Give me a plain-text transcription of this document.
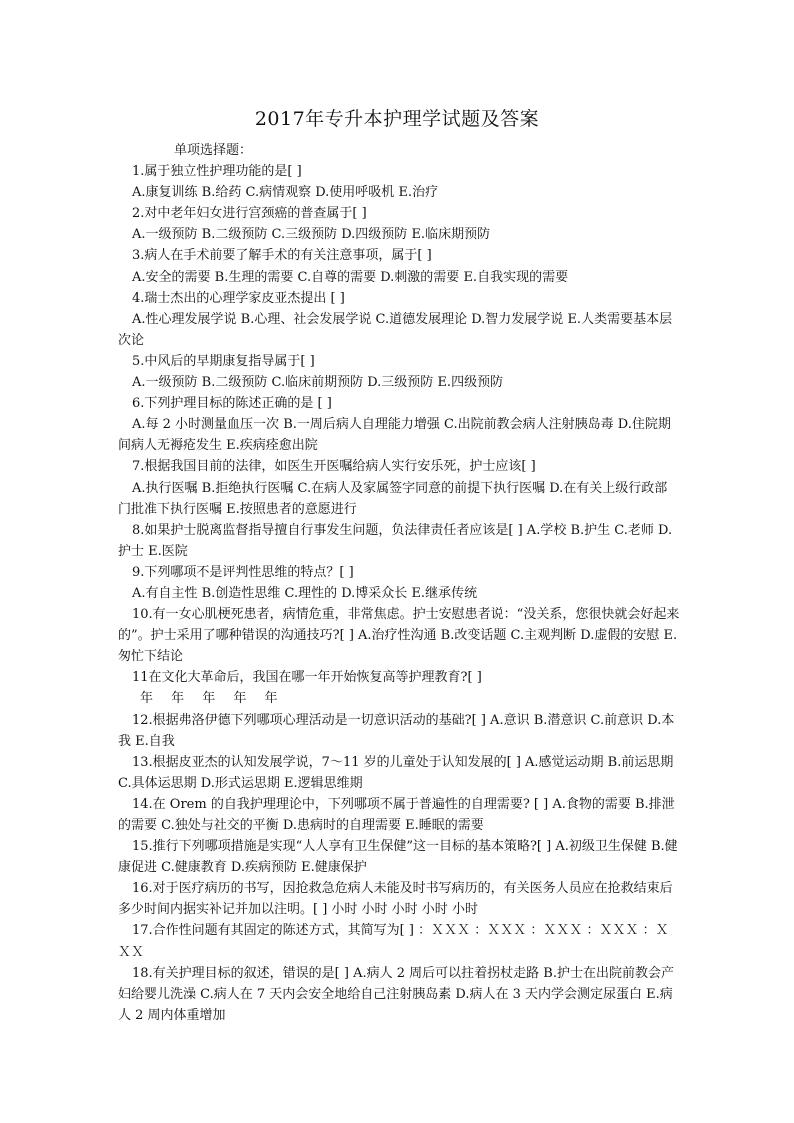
2017年专升本护理学试题及答案

单项选择题：

1.属于独立性护理功能的是[ ]

A.康复训练 B.给药 C.病情观察 D.使用呼吸机 E.治疗

2.对中老年妇女进行宫颈癌的普查属于[ ]

A.一级预防 B.二级预防 C.三级预防 D.四级预防 E.临床期预防

3.病人在手术前要了解手术的有关注意事项，属于[ ]

A.安全的需要 B.生理的需要 C.自尊的需要 D.刺激的需要 E.自我实现的需要

4.瑞士杰出的心理学家皮亚杰提出 [ ]

A.性心理发展学说 B.心理、社会发展学说 C.道德发展理论 D.智力发展学说 E.人类需要基本层次论

5.中风后的早期康复指导属于[ ]

A.一级预防 B.二级预防 C.临床前期预防 D.三级预防 E.四级预防

6.下列护理目标的陈述正确的是 [ ]

A.每 2 小时测量血压一次 B.一周后病人自理能力增强 C.出院前教会病人注射胰岛毒 D.住院期间病人无褥疮发生 E.疾病痊愈出院

7.根据我国目前的法律，如医生开医嘱给病人实行安乐死，护士应该[ ]

A.执行医嘱 B.拒绝执行医嘱 C.在病人及家属签字同意的前提下执行医嘱 D.在有关上级行政部门批准下执行医嘱 E.按照患者的意愿进行

8.如果护士脱离监督指导擅自行事发生问题，负法律责任者应该是[ ] A.学校 B.护生 C.老师 D.护士 E.医院

9.下列哪项不是评判性思维的特点？[ ]

A.有自主性 B.创造性思维 C.理性的 D.博采众长 E.继承传统

10.有一女心肌梗死患者，病情危重，非常焦虑。护士安慰患者说：“没关系，您很快就会好起来的”。护士采用了哪种错误的沟通技巧?[ ] A.治疗性沟通 B.改变话题 C.主观判断 D.虚假的安慰 E.匆忙下结论

11在文化大革命后，我国在哪一年开始恢复高等护理教育?[ ]

年 年 年 年 年

12.根据弗洛伊德下列哪项心理活动是一切意识活动的基础?[ ] A.意识 B.潜意识 C.前意识 D.本我 E.自我

13.根据皮亚杰的认知发展学说，7～11 岁的儿童处于认知发展的[ ] A.感觉运动期 B.前运思期 C.具体运思期 D.形式运思期 E.逻辑思维期

14.在 Orem 的自我护理理论中，下列哪项不属于普遍性的自理需要? [ ] A.食物的需要 B.排泄的需要 C.独处与社交的平衡 D.患病时的自理需要 E.睡眠的需要

15.推行下列哪项措施是实现“人人享有卫生保健”这一目标的基本策略?[ ] A.初级卫生保健 B.健康促进 C.健康教育 D.疾病预防 E.健康保护

16.对于医疗病历的书写，因抢救急危病人未能及时书写病历的，有关医务人员应在抢救结束后多少时间内据实补记并加以注明。[ ] 小时 小时 小时 小时 小时

17.合作性问题有其固定的陈述方式，其简写为[ ] ：ＸＸＸ ：ＸＸＸ ：ＸＸＸ ：ＸＸＸ ：ＸＸＸ

18.有关护理目标的叙述，错误的是[ ] A.病人 2 周后可以拄着拐杖走路 B.护士在出院前教会产妇给婴儿洗澡 C.病人在 7 天内会安全地给自己注射胰岛素 D.病人在 3 天内学会测定尿蛋白 E.病人 2 周内体重增加
